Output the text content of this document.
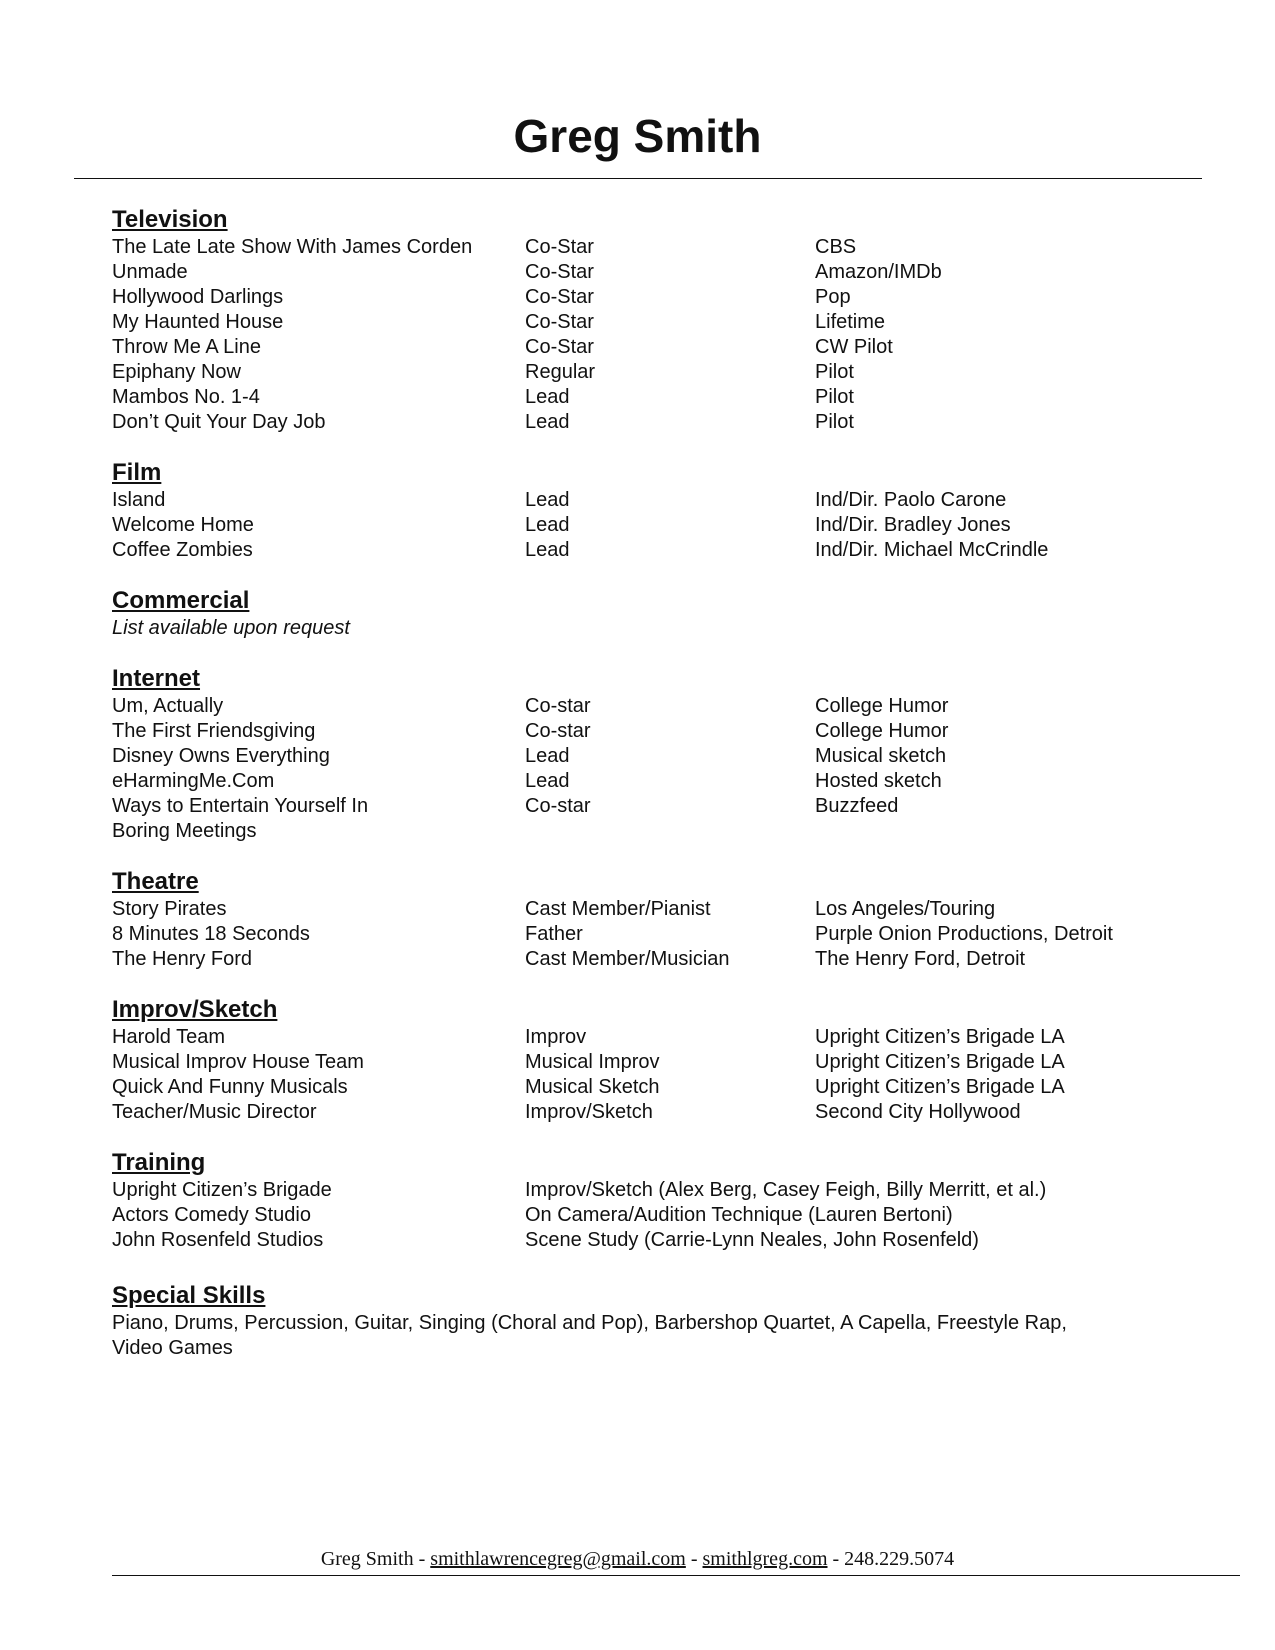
Greg Smith
Television
The Late Late Show With James Corden	Co-Star	CBS
Unmade	Co-Star	Amazon/IMDb
Hollywood Darlings	Co-Star	Pop
My Haunted House	Co-Star	Lifetime
Throw Me A Line	Co-Star	CW Pilot
Epiphany Now	Regular	Pilot
Mambos No. 1-4	Lead	Pilot
Don’t Quit Your Day Job	Lead	Pilot
Film
Island	Lead	Ind/Dir. Paolo Carone
Welcome Home	Lead	Ind/Dir. Bradley Jones
Coffee Zombies	Lead	Ind/Dir. Michael McCrindle
Commercial
List available upon request
Internet
Um, Actually	Co-star	College Humor
The First Friendsgiving	Co-star	College Humor
Disney Owns Everything	Lead	Musical sketch
eHarmingMe.Com	Lead	Hosted sketch
Ways to Entertain Yourself In	Co-star	Buzzfeed
Boring Meetings
Theatre
Story Pirates	Cast Member/Pianist	Los Angeles/Touring
8 Minutes 18 Seconds	Father	Purple Onion Productions, Detroit
The Henry Ford	Cast Member/Musician	The Henry Ford, Detroit
Improv/Sketch
Harold Team	Improv	Upright Citizen’s Brigade LA
Musical Improv House Team	Musical Improv	Upright Citizen’s Brigade LA
Quick And Funny Musicals	Musical Sketch	Upright Citizen’s Brigade LA
Teacher/Music Director	Improv/Sketch	Second City Hollywood
Training
Upright Citizen’s Brigade	Improv/Sketch (Alex Berg, Casey Feigh, Billy Merritt, et al.)
Actors Comedy Studio	On Camera/Audition Technique (Lauren Bertoni)
John Rosenfeld Studios	Scene Study (Carrie-Lynn Neales, John Rosenfeld)
Special Skills
Piano, Drums, Percussion, Guitar, Singing (Choral and Pop), Barbershop Quartet, A Capella, Freestyle Rap, Video Games
Greg Smith - smithlawrencegreg@gmail.com - smithlgreg.com - 248.229.5074
